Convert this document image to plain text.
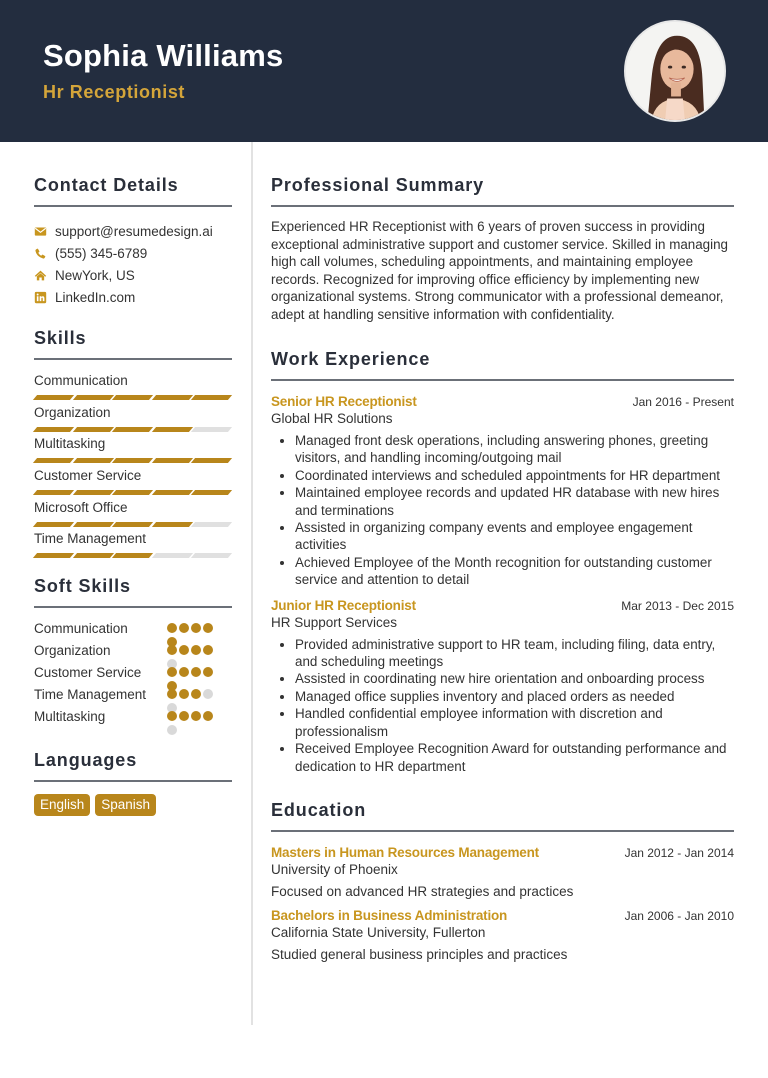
Sophia Williams
Hr Receptionist
Contact Details
support@resumedesign.ai
(555) 345-6789
NewYork, US
LinkedIn.com
Skills
Communication
Organization
Multitasking
Customer Service
Microsoft Office
Time Management
Soft Skills
Communication
Organization
Customer Service
Time Management
Multitasking
Languages
English	Spanish
Professional Summary

Experienced HR Receptionist with 6 years of proven success in providing exceptional administrative support and customer service. Skilled in managing high call volumes, scheduling appointments, and maintaining employee records. Recognized for improving office efficiency by implementing new organizational systems. Strong communicator with a professional demeanor, adept at handling sensitive information with confidentiality.

Work Experience
Senior HR Receptionist	Jan 2016 - Present
Global HR Solutions
• Managed front desk operations, including answering phones, greeting visitors, and handling incoming/outgoing mail
• Coordinated interviews and scheduled appointments for HR department
• Maintained employee records and updated HR database with new hires and terminations
• Assisted in organizing company events and employee engagement activities
• Achieved Employee of the Month recognition for outstanding customer service and attention to detail
Junior HR Receptionist	Mar 2013 - Dec 2015
HR Support Services
• Provided administrative support to HR team, including filing, data entry, and scheduling meetings
• Assisted in coordinating new hire orientation and onboarding process
• Managed office supplies inventory and placed orders as needed
• Handled confidential employee information with discretion and professionalism
• Received Employee Recognition Award for outstanding performance and dedication to HR department
Education
Masters in Human Resources Management	Jan 2012 - Jan 2014
University of Phoenix
Focused on advanced HR strategies and practices
Bachelors in Business Administration	Jan 2006 - Jan 2010
California State University, Fullerton
Studied general business principles and practices
